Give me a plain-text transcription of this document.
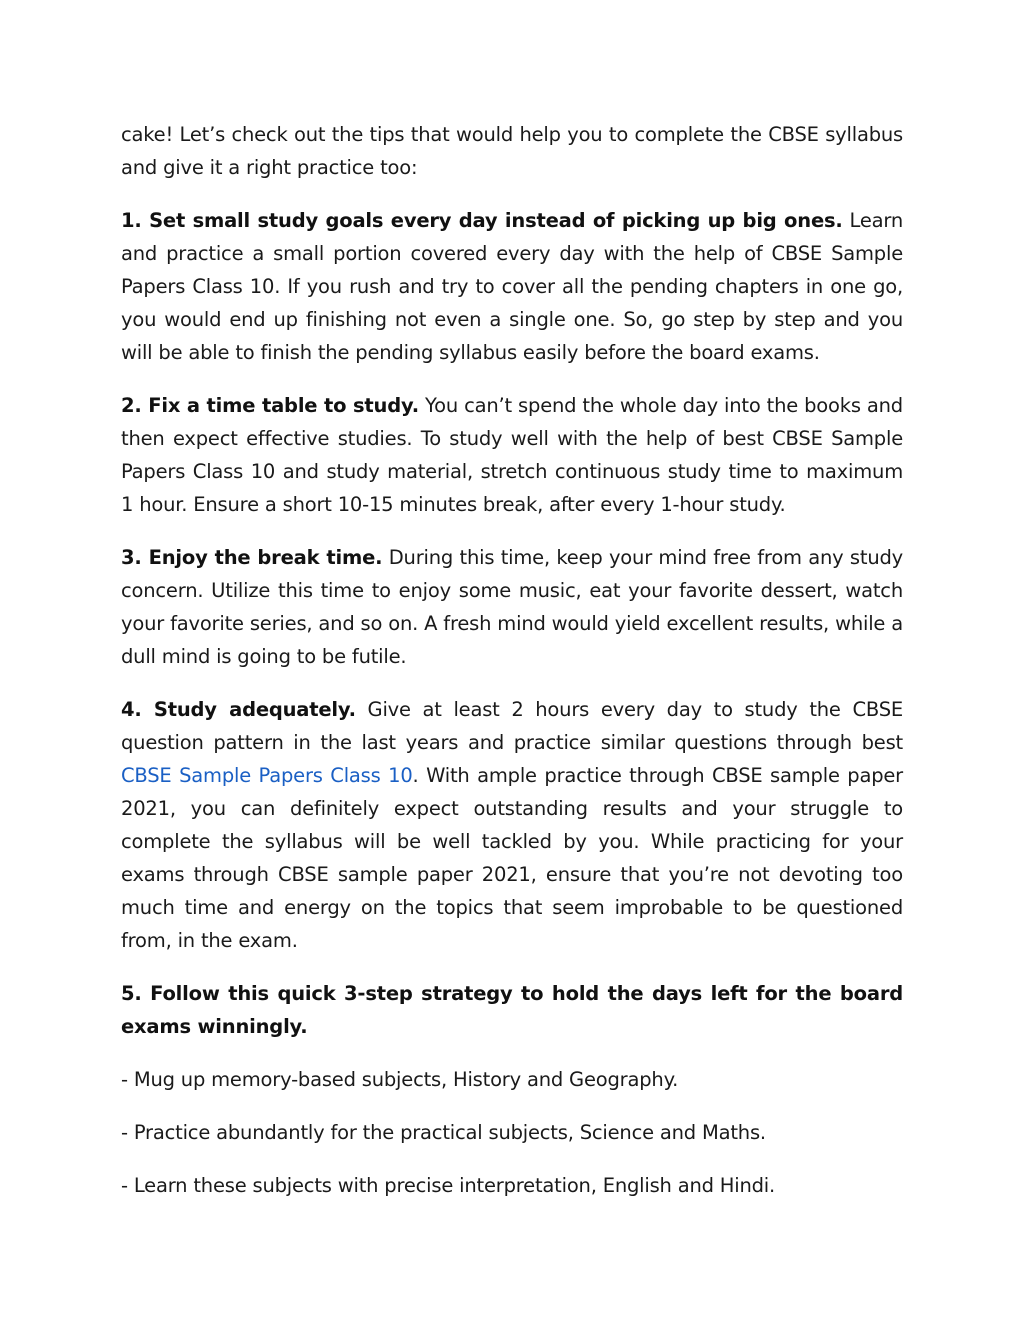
cake! Let’s check out the tips that would help you to complete the CBSE syllabus and give it a right practice too:

1. Set small study goals every day instead of picking up big ones. Learn and practice a small portion covered every day with the help of CBSE Sample Papers Class 10. If you rush and try to cover all the pending chapters in one go, you would end up finishing not even a single one. So, go step by step and you will be able to finish the pending syllabus easily before the board exams.

2. Fix a time table to study. You can’t spend the whole day into the books and then expect effective studies. To study well with the help of best CBSE Sample Papers Class 10 and study material, stretch continuous study time to maximum 1 hour. Ensure a short 10-15 minutes break, after every 1-hour study.

3. Enjoy the break time. During this time, keep your mind free from any study concern. Utilize this time to enjoy some music, eat your favorite dessert, watch your favorite series, and so on. A fresh mind would yield excellent results, while a dull mind is going to be futile.

4. Study adequately. Give at least 2 hours every day to study the CBSE question pattern in the last years and practice similar questions through best CBSE Sample Papers Class 10. With ample practice through CBSE sample paper 2021, you can definitely expect outstanding results and your struggle to complete the syllabus will be well tackled by you. While practicing for your exams through CBSE sample paper 2021, ensure that you’re not devoting too much time and energy on the topics that seem improbable to be questioned from, in the exam.

5. Follow this quick 3-step strategy to hold the days left for the board exams winningly.

- Mug up memory-based subjects, History and Geography.

- Practice abundantly for the practical subjects, Science and Maths.

- Learn these subjects with precise interpretation, English and Hindi.
